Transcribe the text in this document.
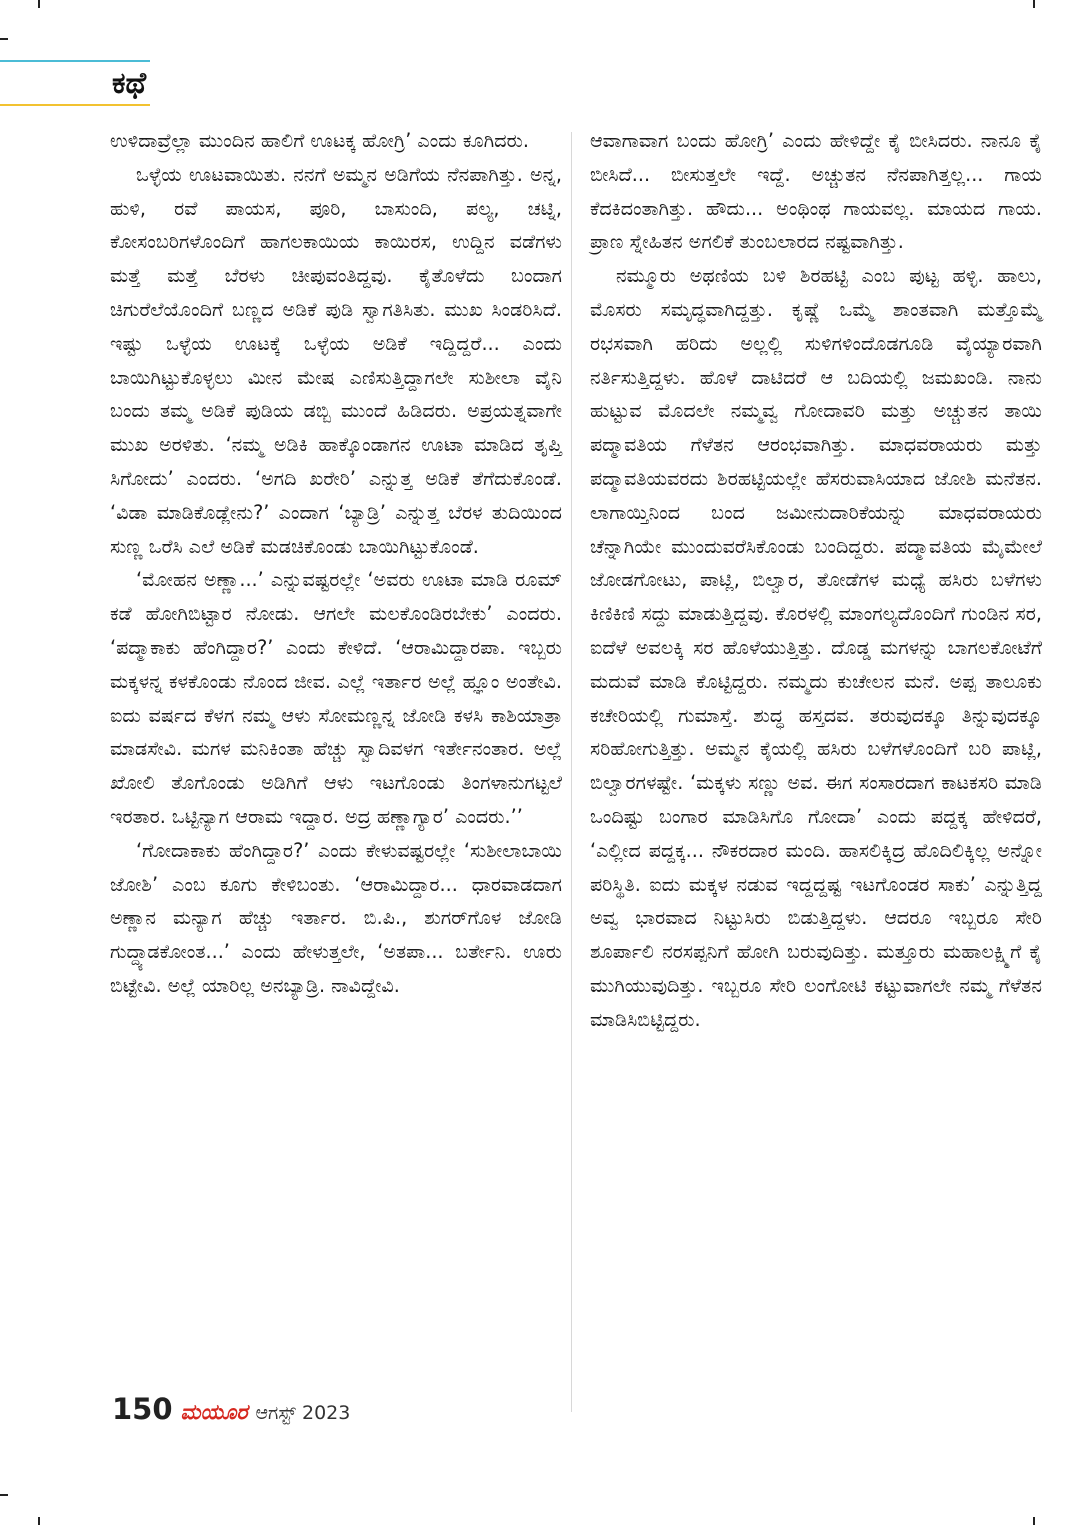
ಕಥೆ

ಉಳಿದಾವ್ರೆಲ್ಲಾ ಮುಂದಿನ ಹಾಲಿಗೆ ಊಟಕ್ಕ ಹೋಗ್ರಿ’ ಎಂದು ಕೂಗಿದರು.

ಒಳ್ಳೆಯ ಊಟವಾಯಿತು. ನನಗೆ ಅಮ್ಮನ ಅಡಿಗೆಯ ನೆನಪಾಗಿತ್ತು. ಅನ್ನ, ಹುಳಿ, ರವೆ ಪಾಯಸ, ಪೂರಿ, ಬಾಸುಂದಿ, ಪಲ್ಯ, ಚಟ್ನಿ, ಕೋಸಂಬರಿಗಳೊಂದಿಗೆ ಹಾಗಲಕಾಯಿಯ ಕಾಯಿರಸ, ಉದ್ದಿನ ವಡೆಗಳು ಮತ್ತೆ ಮತ್ತೆ ಬೆರಳು ಚೀಪುವಂತಿದ್ದವು. ಕೈತೊಳೆದು ಬಂದಾಗ ಚಿಗುರೆಲೆಯೊಂದಿಗೆ ಬಣ್ಣದ ಅಡಿಕೆ ಪುಡಿ ಸ್ವಾಗತಿಸಿತು. ಮುಖ ಸಿಂಡರಿಸಿದೆ. ಇಷ್ಟು ಒಳ್ಳೆಯ ಊಟಕ್ಕೆ ಒಳ್ಳೆಯ ಅಡಿಕೆ ಇದ್ದಿದ್ದರೆ... ಎಂದು ಬಾಯಿಗಿಟ್ಟುಕೊಳ್ಳಲು ಮೀನ ಮೇಷ ಎಣಿಸುತ್ತಿದ್ದಾಗಲೇ ಸುಶೀಲಾ ವೈನಿ ಬಂದು ತಮ್ಮ ಅಡಿಕೆ ಪುಡಿಯ ಡಬ್ಬಿ ಮುಂದೆ ಹಿಡಿದರು. ಅಪ್ರಯತ್ನವಾಗೇ ಮುಖ ಅರಳಿತು. ‘ನಮ್ಮ ಅಡಿಕಿ ಹಾಕ್ಕೊಂಡಾಗನ ಊಟಾ ಮಾಡಿದ ತೃಪ್ತಿ ಸಿಗೋದು’ ಎಂದರು. ‘ಅಗದಿ ಖರೇರಿ’ ಎನ್ನುತ್ತ ಅಡಿಕೆ ತೆಗೆದುಕೊಂಡೆ. ‘ವಿಡಾ ಮಾಡಿಕೊಡ್ಲೇನು?’ ಎಂದಾಗ ‘ಬ್ಯಾಡ್ರಿ’ ಎನ್ನುತ್ತ ಬೆರಳ ತುದಿಯಿಂದ ಸುಣ್ಣ ಒರೆಸಿ ಎಲೆ ಅಡಿಕೆ ಮಡಚಿಕೊಂಡು ಬಾಯಿಗಿಟ್ಟುಕೊಂಡೆ.

‘ಮೋಹನ ಅಣ್ಣಾ...’ ಎನ್ನುವಷ್ಟರಲ್ಲೇ ‘ಅವರು ಊಟಾ ಮಾಡಿ ರೂಮ್ ಕಡೆ ಹೋಗಿಬಿಟ್ಟಾರ ನೋಡು. ಆಗಲೇ ಮಲಕೊಂಡಿರಬೇಕು’ ಎಂದರು. ‘ಪದ್ಮಾಕಾಕು ಹೆಂಗಿದ್ದಾರ?’ ಎಂದು ಕೇಳಿದೆ. ‘ಆರಾಮಿದ್ದಾರಪಾ. ಇಬ್ಬರು ಮಕ್ಕಳನ್ನ ಕಳಕೊಂಡು ನೊಂದ ಜೀವ. ಎಲ್ಲೆ ಇರ್ತಾರ ಅಲ್ಲೆ ಹ್ಞೂಂ ಅಂತೇವಿ. ಐದು ವರ್ಷದ ಕೆಳಗ ನಮ್ಮ ಆಳು ಸೋಮಣ್ಣನ್ನ ಜೋಡಿ ಕಳಸಿ ಕಾಶಿಯಾತ್ರಾ ಮಾಡಸೇವಿ. ಮಗಳ ಮನಿಕಿಂತಾ ಹೆಚ್ಚು ಸ್ವಾದಿವಳಗ ಇರ್ತೇನಂತಾರ. ಅಲ್ಲೆ ಖೋಲಿ ತೊಗೊಂಡು ಅಡಿಗಿಗೆ ಆಳು ಇಟಗೊಂಡು ತಿಂಗಳಾನುಗಟ್ಟಲೆ ಇರತಾರ. ಒಟ್ಟಿನ್ಯಾಗ ಆರಾಮ ಇದ್ದಾರ. ಅದ್ರ ಹಣ್ಣಾಗ್ಯಾರ’ ಎಂದರು.’’

‘ಗೋದಾಕಾಕು ಹೆಂಗಿದ್ದಾರ?’ ಎಂದು ಕೇಳುವಷ್ಟರಲ್ಲೇ ‘ಸುಶೀಲಾಬಾಯಿ ಜೋಶಿ’ ಎಂಬ ಕೂಗು ಕೇಳಿಬಂತು. ‘ಆರಾಮಿದ್ದಾರ... ಧಾರವಾಡದಾಗ ಅಣ್ಣಾನ ಮನ್ಯಾಗ ಹೆಚ್ಚು ಇರ್ತಾರ. ಬಿ.ಪಿ., ಶುಗರ್‌ಗೊಳ ಜೋಡಿ ಗುದ್ದ್ಯಾಡಕೋಂತ...’ ಎಂದು ಹೇಳುತ್ತಲೇ, ‘ಅತಪಾ... ಬರ್ತೇನಿ. ಊರು ಬಿಟ್ಟೇವಿ. ಅಲ್ಲೆ ಯಾರಿಲ್ಲ ಅನಬ್ಯಾಡ್ರಿ. ನಾವಿದ್ದೇವಿ.

ಆವಾಗಾವಾಗ ಬಂದು ಹೋಗ್ರಿ’ ಎಂದು ಹೇಳಿದ್ದೇ ಕೈ ಬೀಸಿದರು. ನಾನೂ ಕೈ ಬೀಸಿದೆ... ಬೀಸುತ್ತಲೇ ಇದ್ದೆ. ಅಚ್ಚುತನ ನೆನಪಾಗಿತ್ತಲ್ಲ... ಗಾಯ ಕೆದಕಿದಂತಾಗಿತ್ತು. ಹೌದು... ಅಂಥಿಂಥ ಗಾಯವಲ್ಲ. ಮಾಯದ ಗಾಯ. ಪ್ರಾಣ ಸ್ನೇಹಿತನ ಅಗಲಿಕೆ ತುಂಬಲಾರದ ನಷ್ಟವಾಗಿತ್ತು.

ನಮ್ಮೂರು ಅಥಣಿಯ ಬಳಿ ಶಿರಹಟ್ಟಿ ಎಂಬ ಪುಟ್ಟ ಹಳ್ಳಿ. ಹಾಲು, ಮೊಸರು ಸಮೃದ್ಧವಾಗಿದ್ದತ್ತು. ಕೃಷ್ಣೆ ಒಮ್ಮೆ ಶಾಂತವಾಗಿ ಮತ್ತೊಮ್ಮೆ ರಭಸವಾಗಿ ಹರಿದು ಅಲ್ಲಲ್ಲಿ ಸುಳಿಗಳಿಂದೊಡಗೂಡಿ ವೈಯ್ಯಾರವಾಗಿ ನರ್ತಿಸುತ್ತಿದ್ದಳು. ಹೊಳೆ ದಾಟಿದರೆ ಆ ಬದಿಯಲ್ಲಿ ಜಮಖಂಡಿ. ನಾನು ಹುಟ್ಟುವ ಮೊದಲೇ ನಮ್ಮವ್ವ ಗೋದಾವರಿ ಮತ್ತು ಅಚ್ಚುತನ ತಾಯಿ ಪದ್ಮಾವತಿಯ ಗೆಳೆತನ ಆರಂಭವಾಗಿತ್ತು. ಮಾಧವರಾಯರು ಮತ್ತು ಪದ್ಮಾವತಿಯವರದು ಶಿರಹಟ್ಟಿಯಲ್ಲೇ ಹೆಸರುವಾಸಿಯಾದ ಜೋಶಿ ಮನೆತನ. ಲಾಗಾಯ್ತಿನಿಂದ ಬಂದ ಜಮೀನುದಾರಿಕೆಯನ್ನು ಮಾಧವರಾಯರು ಚೆನ್ನಾಗಿಯೇ ಮುಂದುವರೆಸಿಕೊಂಡು ಬಂದಿದ್ದರು. ಪದ್ಮಾವತಿಯ ಮೈಮೇಲೆ ಜೋಡಗೋಟು, ಪಾಟ್ಲಿ, ಬಿಲ್ವಾರ, ತೋಡೆಗಳ ಮಧ್ಯೆ ಹಸಿರು ಬಳೆಗಳು ಕಿಣಿಕಿಣಿ ಸದ್ದು ಮಾಡುತ್ತಿದ್ದವು. ಕೊರಳಲ್ಲಿ ಮಾಂಗಲ್ಯದೊಂದಿಗೆ ಗುಂಡಿನ ಸರ, ಐದೆಳೆ ಅವಲಕ್ಕಿ ಸರ ಹೊಳೆಯುತ್ತಿತ್ತು. ದೊಡ್ಡ ಮಗಳನ್ನು ಬಾಗಲಕೋಟೆಗೆ ಮದುವೆ ಮಾಡಿ ಕೊಟ್ಟಿದ್ದರು. ನಮ್ಮದು ಕುಚೇಲನ ಮನೆ. ಅಪ್ಪ ತಾಲೂಕು ಕಚೇರಿಯಲ್ಲಿ ಗುಮಾಸ್ತೆ. ಶುದ್ಧ ಹಸ್ತದವ. ತರುವುದಕ್ಕೂ ತಿನ್ನುವುದಕ್ಕೂ ಸರಿಹೋಗುತ್ತಿತ್ತು. ಅಮ್ಮನ ಕೈಯಲ್ಲಿ ಹಸಿರು ಬಳೆಗಳೊಂದಿಗೆ ಬರಿ ಪಾಟ್ಲಿ, ಬಿಲ್ವಾರಗಳಷ್ಟೇ. ‘ಮಕ್ಕಳು ಸಣ್ಣು ಅವ. ಈಗ ಸಂಸಾರದಾಗ ಕಾಟಕಸರಿ ಮಾಡಿ ಒಂದಿಷ್ಟು ಬಂಗಾರ ಮಾಡಿಸಿಗೊ ಗೋದಾ’ ಎಂದು ಪದ್ದಕ್ಕ ಹೇಳಿದರೆ, ‘ಎಲ್ಲೀದ ಪದ್ದಕ್ಕ... ನೌಕರದಾರ ಮಂದಿ. ಹಾಸಲಿಕ್ಕಿದ್ರ ಹೊದಿಲಿಕ್ಕಿಲ್ಲ ಅನ್ನೋ ಪರಿಸ್ಥಿತಿ. ಐದು ಮಕ್ಕಳ ನಡುವ ಇದ್ದದ್ದಷ್ಟ ಇಟಗೊಂಡರ ಸಾಕು’ ಎನ್ನುತ್ತಿದ್ದ ಅವ್ವ ಭಾರವಾದ ನಿಟ್ಟುಸಿರು ಬಿಡುತ್ತಿದ್ದಳು. ಆದರೂ ಇಬ್ಬರೂ ಸೇರಿ ಶೂರ್ಪಾಲಿ ನರಸಪ್ಪನಿಗೆ ಹೋಗಿ ಬರುವುದಿತ್ತು. ಮತ್ತೂರು ಮಹಾಲಕ್ಷ್ಮಿಗೆ ಕೈ ಮುಗಿಯುವುದಿತ್ತು. ಇಬ್ಬರೂ ಸೇರಿ ಲಂಗೋಟಿ ಕಟ್ಟುವಾಗಲೇ ನಮ್ಮ ಗೆಳೆತನ ಮಾಡಿಸಿಬಿಟ್ಟಿದ್ದರು.

150 ಮಯೂರ ಆಗಸ್ಟ್ 2023
